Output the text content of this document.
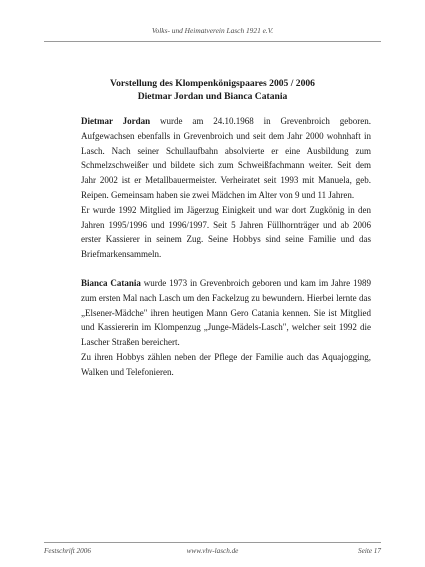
Volks- und Heimatverein Lasch 1921 e.V.
Vorstellung des Klompenkönigspaares 2005 / 2006
Dietmar Jordan und Bianca Catania

Dietmar Jordan wurde am 24.10.1968 in Grevenbroich geboren. Aufgewachsen ebenfalls in Grevenbroich und seit dem Jahr 2000 wohnhaft in Lasch. Nach seiner Schullaufbahn absolvierte er eine Ausbildung zum Schmelzschweißer und bildete sich zum Schweißfachmann weiter. Seit dem Jahr 2002 ist er Metallbauermeister. Verheiratet seit 1993 mit Manuela, geb. Reipen. Gemeinsam haben sie zwei Mädchen im Alter von 9 und 11 Jahren.

Er wurde 1992 Mitglied im Jägerzug Einigkeit und war dort Zugkönig in den Jahren 1995/1996 und 1996/1997. Seit 5 Jahren Füllhornträger und ab 2006 erster Kassierer in seinem Zug. Seine Hobbys sind seine Familie und das Briefmarkensammeln.

Bianca Catania wurde 1973 in Grevenbroich geboren und kam im Jahre 1989 zum ersten Mal nach Lasch um den Fackelzug zu bewundern. Hierbei lernte das „Elsener-Mädche" ihren heutigen Mann Gero Catania kennen. Sie ist Mitglied und Kassiererin im Klompenzug „Junge-Mädels-Lasch", welcher seit 1992 die Lascher Straßen bereichert.

Zu ihren Hobbys zählen neben der Pflege der Familie auch das Aquajogging, Walken und Telefonieren.

Festschrift 2006	www.vhv-lasch.de	Seite 17
